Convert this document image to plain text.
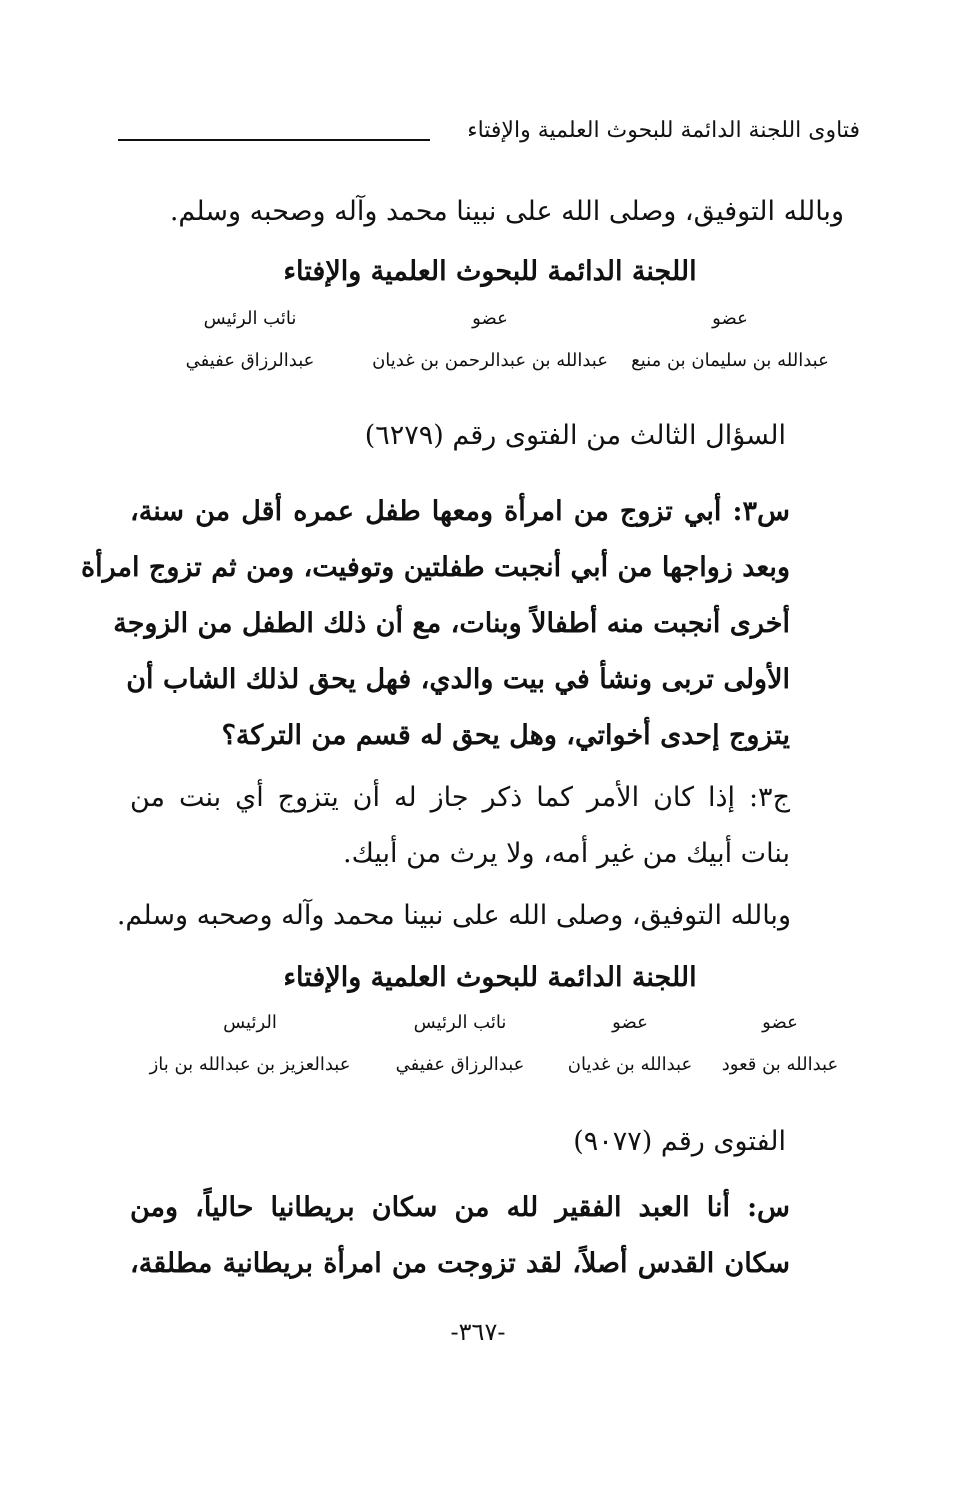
فتاوى اللجنة الدائمة للبحوث العلمية والإفتاء
وبالله التوفيق، وصلى الله على نبينا محمد وآله وصحبه وسلم.
اللجنة الدائمة للبحوث العلمية والإفتاء
عضو
عبدالله بن سليمان بن منيع
عضو
عبدالله بن عبدالرحمن بن غديان
نائب الرئيس
عبدالرزاق عفيفي
السؤال الثالث من الفتوى رقم (٦٢٧٩)
س٣: أبي تزوج من امرأة ومعها طفل عمره أقل من سنة،
وبعد زواجها من أبي أنجبت طفلتين وتوفيت، ومن ثم تزوج امرأة
أخرى أنجبت منه أطفالاً وبنات، مع أن ذلك الطفل من الزوجة
الأولى تربى ونشأ في بيت والدي، فهل يحق لذلك الشاب أن
يتزوج إحدى أخواتي، وهل يحق له قسم من التركة؟
ج٣: إذا كان الأمر كما ذكر جاز له أن يتزوج أي بنت من
بنات أبيك من غير أمه، ولا يرث من أبيك.
وبالله التوفيق، وصلى الله على نبينا محمد وآله وصحبه وسلم.
اللجنة الدائمة للبحوث العلمية والإفتاء
عضو
عبدالله بن قعود
عضو
عبدالله بن غديان
نائب الرئيس
عبدالرزاق عفيفي
الرئيس
عبدالعزيز بن عبدالله بن باز
الفتوى رقم (٩٠٧٧)
س: أنا العبد الفقير لله من سكان بريطانيا حالياً، ومن
سكان القدس أصلاً، لقد تزوجت من امرأة بريطانية مطلقة،
-٣٦٧-
